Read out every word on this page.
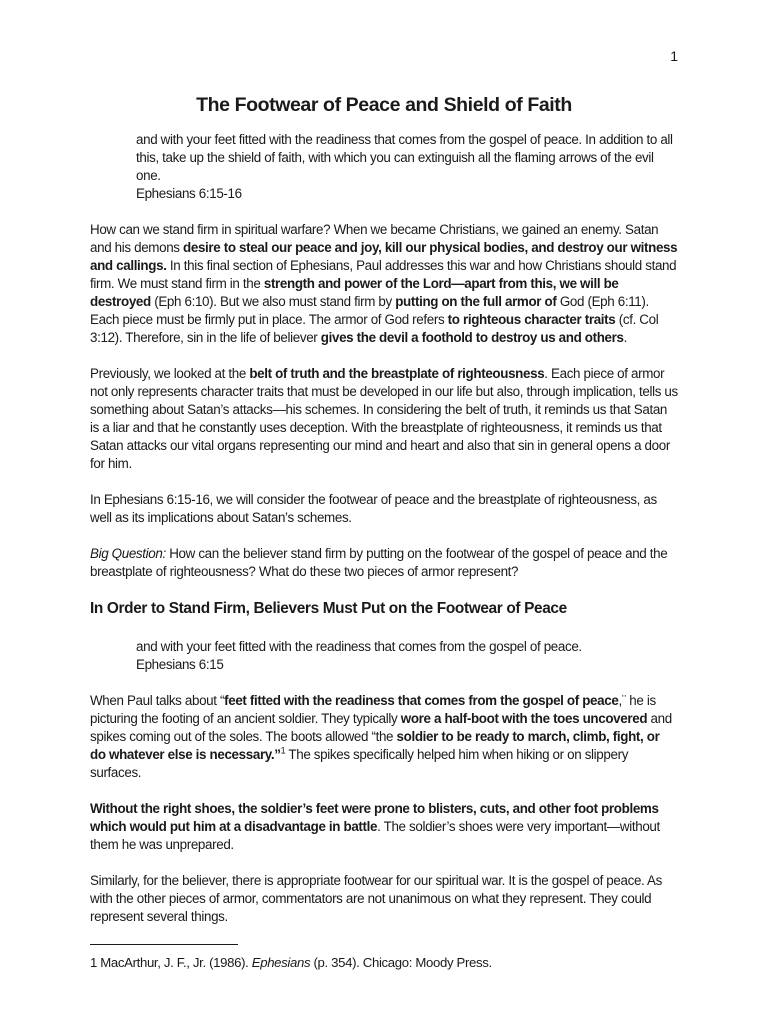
1
The Footwear of Peace and Shield of Faith

and with your feet fitted with the readiness that comes from the gospel of peace. In addition to all this, take up the shield of faith, with which you can extinguish all the flaming arrows of the evil one.

Ephesians 6:15-16

How can we stand firm in spiritual warfare? When we became Christians, we gained an enemy. Satan and his demons desire to steal our peace and joy, kill our physical bodies, and destroy our witness and callings. In this final section of Ephesians, Paul addresses this war and how Christians should stand firm. We must stand firm in the strength and power of the Lord—apart from this, we will be destroyed (Eph 6:10). But we also must stand firm by putting on the full armor of God (Eph 6:11). Each piece must be firmly put in place. The armor of God refers to righteous character traits (cf. Col 3:12). Therefore, sin in the life of believer gives the devil a foothold to destroy us and others.

Previously, we looked at the belt of truth and the breastplate of righteousness. Each piece of armor not only represents character traits that must be developed in our life but also, through implication, tells us something about Satan’s attacks—his schemes. In considering the belt of truth, it reminds us that Satan is a liar and that he constantly uses deception. With the breastplate of righteousness, it reminds us that Satan attacks our vital organs representing our mind and heart and also that sin in general opens a door for him.

In Ephesians 6:15-16, we will consider the footwear of peace and the breastplate of righteousness, as well as its implications about Satan’s schemes.

Big Question: How can the believer stand firm by putting on the footwear of the gospel of peace and the breastplate of righteousness? What do these two pieces of armor represent?

In Order to Stand Firm, Believers Must Put on the Footwear of Peace

and with your feet fitted with the readiness that comes from the gospel of peace.

Ephesians 6:15

When Paul talks about “feet fitted with the readiness that comes from the gospel of peace,¨ he is picturing the footing of an ancient soldier. They typically wore a half-boot with the toes uncovered and spikes coming out of the soles. The boots allowed “the soldier to be ready to march, climb, fight, or do whatever else is necessary.”$^1$ The spikes specifically helped him when hiking or on slippery surfaces.

Without the right shoes, the soldier’s feet were prone to blisters, cuts, and other foot problems which would put him at a disadvantage in battle. The soldier’s shoes were very important—without them he was unprepared.

Similarly, for the believer, there is appropriate footwear for our spiritual war. It is the gospel of peace. As with the other pieces of armor, commentators are not unanimous on what they represent. They could represent several things.

1 MacArthur, J. F., Jr. (1986). Ephesians (p. 354). Chicago: Moody Press.
